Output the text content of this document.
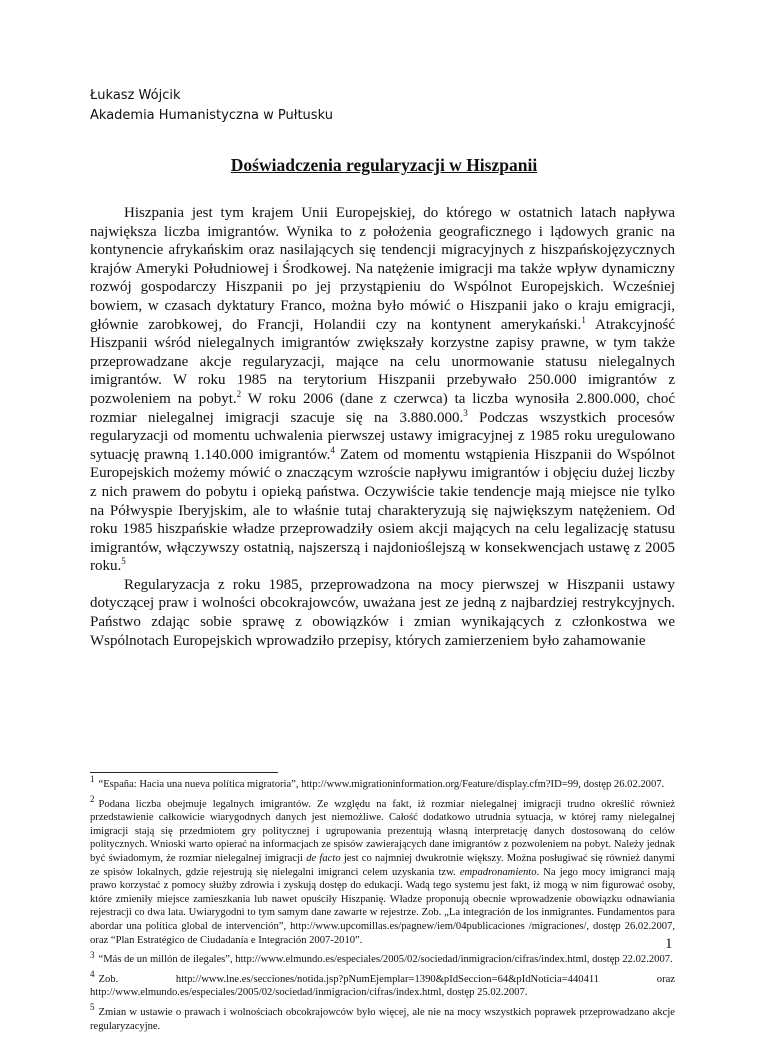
Łukasz Wójcik
Akademia Humanistyczna w Pułtusku
Doświadczenia regularyzacji w Hiszpanii

Hiszpania jest tym krajem Unii Europejskiej, do którego w ostatnich latach napływa największa liczba imigrantów. Wynika to z położenia geograficznego i lądowych granic na kontynencie afrykańskim oraz nasilających się tendencji migracyjnych z hiszpańskojęzycznych krajów Ameryki Południowej i Środkowej. Na natężenie imigracji ma także wpływ dynamiczny rozwój gospodarczy Hiszpanii po jej przystąpieniu do Wspólnot Europejskich. Wcześniej bowiem, w czasach dyktatury Franco, można było mówić o Hiszpanii jako o kraju emigracji, głównie zarobkowej, do Francji, Holandii czy na kontynent amerykański.$^1$ Atrakcyjność Hiszpanii wśród nielegalnych imigrantów zwiększały korzystne zapisy prawne, w tym także przeprowadzane akcje regularyzacji, mające na celu unormowanie statusu nielegalnych imigrantów. W roku 1985 na terytorium Hiszpanii przebywało 250.000 imigrantów z pozwoleniem na pobyt.$^2$ W roku 2006 (dane z czerwca) ta liczba wynosiła 2.800.000, choć rozmiar nielegalnej imigracji szacuje się na 3.880.000.$^3$ Podczas wszystkich procesów regularyzacji od momentu uchwalenia pierwszej ustawy imigracyjnej z 1985 roku uregulowano sytuację prawną 1.140.000 imigrantów.$^4$ Zatem od momentu wstąpienia Hiszpanii do Wspólnot Europejskich możemy mówić o znaczącym wzroście napływu imigrantów i objęciu dużej liczby z nich prawem do pobytu i opieką państwa. Oczywiście takie tendencje mają miejsce nie tylko na Półwyspie Iberyjskim, ale to właśnie tutaj charakteryzują się największym natężeniem. Od roku 1985 hiszpańskie władze przeprowadziły osiem akcji mających na celu legalizację statusu imigrantów, włączywszy ostatnią, najszerszą i najdonioślejszą w konsekwencjach ustawę z 2005 roku.$^5$

Regularyzacja z roku 1985, przeprowadzona na mocy pierwszej w Hiszpanii ustawy dotyczącej praw i wolności obcokrajowców, uważana jest ze jedną z najbardziej restrykcyjnych. Państwo zdając sobie sprawę z obowiązków i zmian wynikających z członkostwa we Wspólnotach Europejskich wprowadziło przepisy, których zamierzeniem było zahamowanie

$^1$ “España: Hacia una nueva política migratoria”, http://www.migrationinformation.org/Feature/display.cfm?ID=99, dostęp 26.02.2007.
$^2$ Podana liczba obejmuje legalnych imigrantów. Ze względu na fakt, iż rozmiar nielegalnej imigracji trudno określić również przedstawienie całkowicie wiarygodnych danych jest niemożliwe. Całość dodatkowo utrudnia sytuacja, w której ramy nielegalnej imigracji stają się przedmiotem gry politycznej i ugrupowania prezentują własną interpretację danych dostosowaną do celów politycznych. Wnioski warto opierać na informacjach ze spisów zawierających dane imigrantów z pozwoleniem na pobyt. Należy jednak być świadomym, że rozmiar nielegalnej imigracji de facto jest co najmniej dwukrotnie większy. Można posługiwać się również danymi ze spisów lokalnych, gdzie rejestrują się nielegalni imigranci celem uzyskania tzw. empadronamiento. Na jego mocy imigranci mają prawo korzystać z pomocy służby zdrowia i zyskują dostęp do edukacji. Wadą tego systemu jest fakt, iż mogą w nim figurować osoby, które zmieniły miejsce zamieszkania lub nawet opuściły Hiszpanię. Władze proponują obecnie wprowadzenie obowiązku odnawiania rejestracji co dwa lata. Uwiarygodni to tym samym dane zawarte w rejestrze. Zob. „La integración de los inmigrantes. Fundamentos para abordar una política global de intervención”, http://www.upcomillas.es/pagnew/iem/04publicaciones /migraciones/, dostęp 26.02.2007, oraz “Plan Estratégico de Ciudadanía e Integración 2007-2010”.
$^3$ “Más de un millón de ilegales”, http://www.elmundo.es/especiales/2005/02/sociedad/inmigracion/cifras/index.html, dostęp 22.02.2007.
$^4$ Zob. http://www.lne.es/secciones/notida.jsp?pNumEjemplar=1390&pIdSeccion=64&pIdNoticia=440411 oraz http://www.elmundo.es/especiales/2005/02/sociedad/inmigracion/cifras/index.html, dostęp 25.02.2007.
$^5$ Zmian w ustawie o prawach i wolnościach obcokrajowców było więcej, ale nie na mocy wszystkich poprawek przeprowadzano akcje regularyzacyjne.
1
